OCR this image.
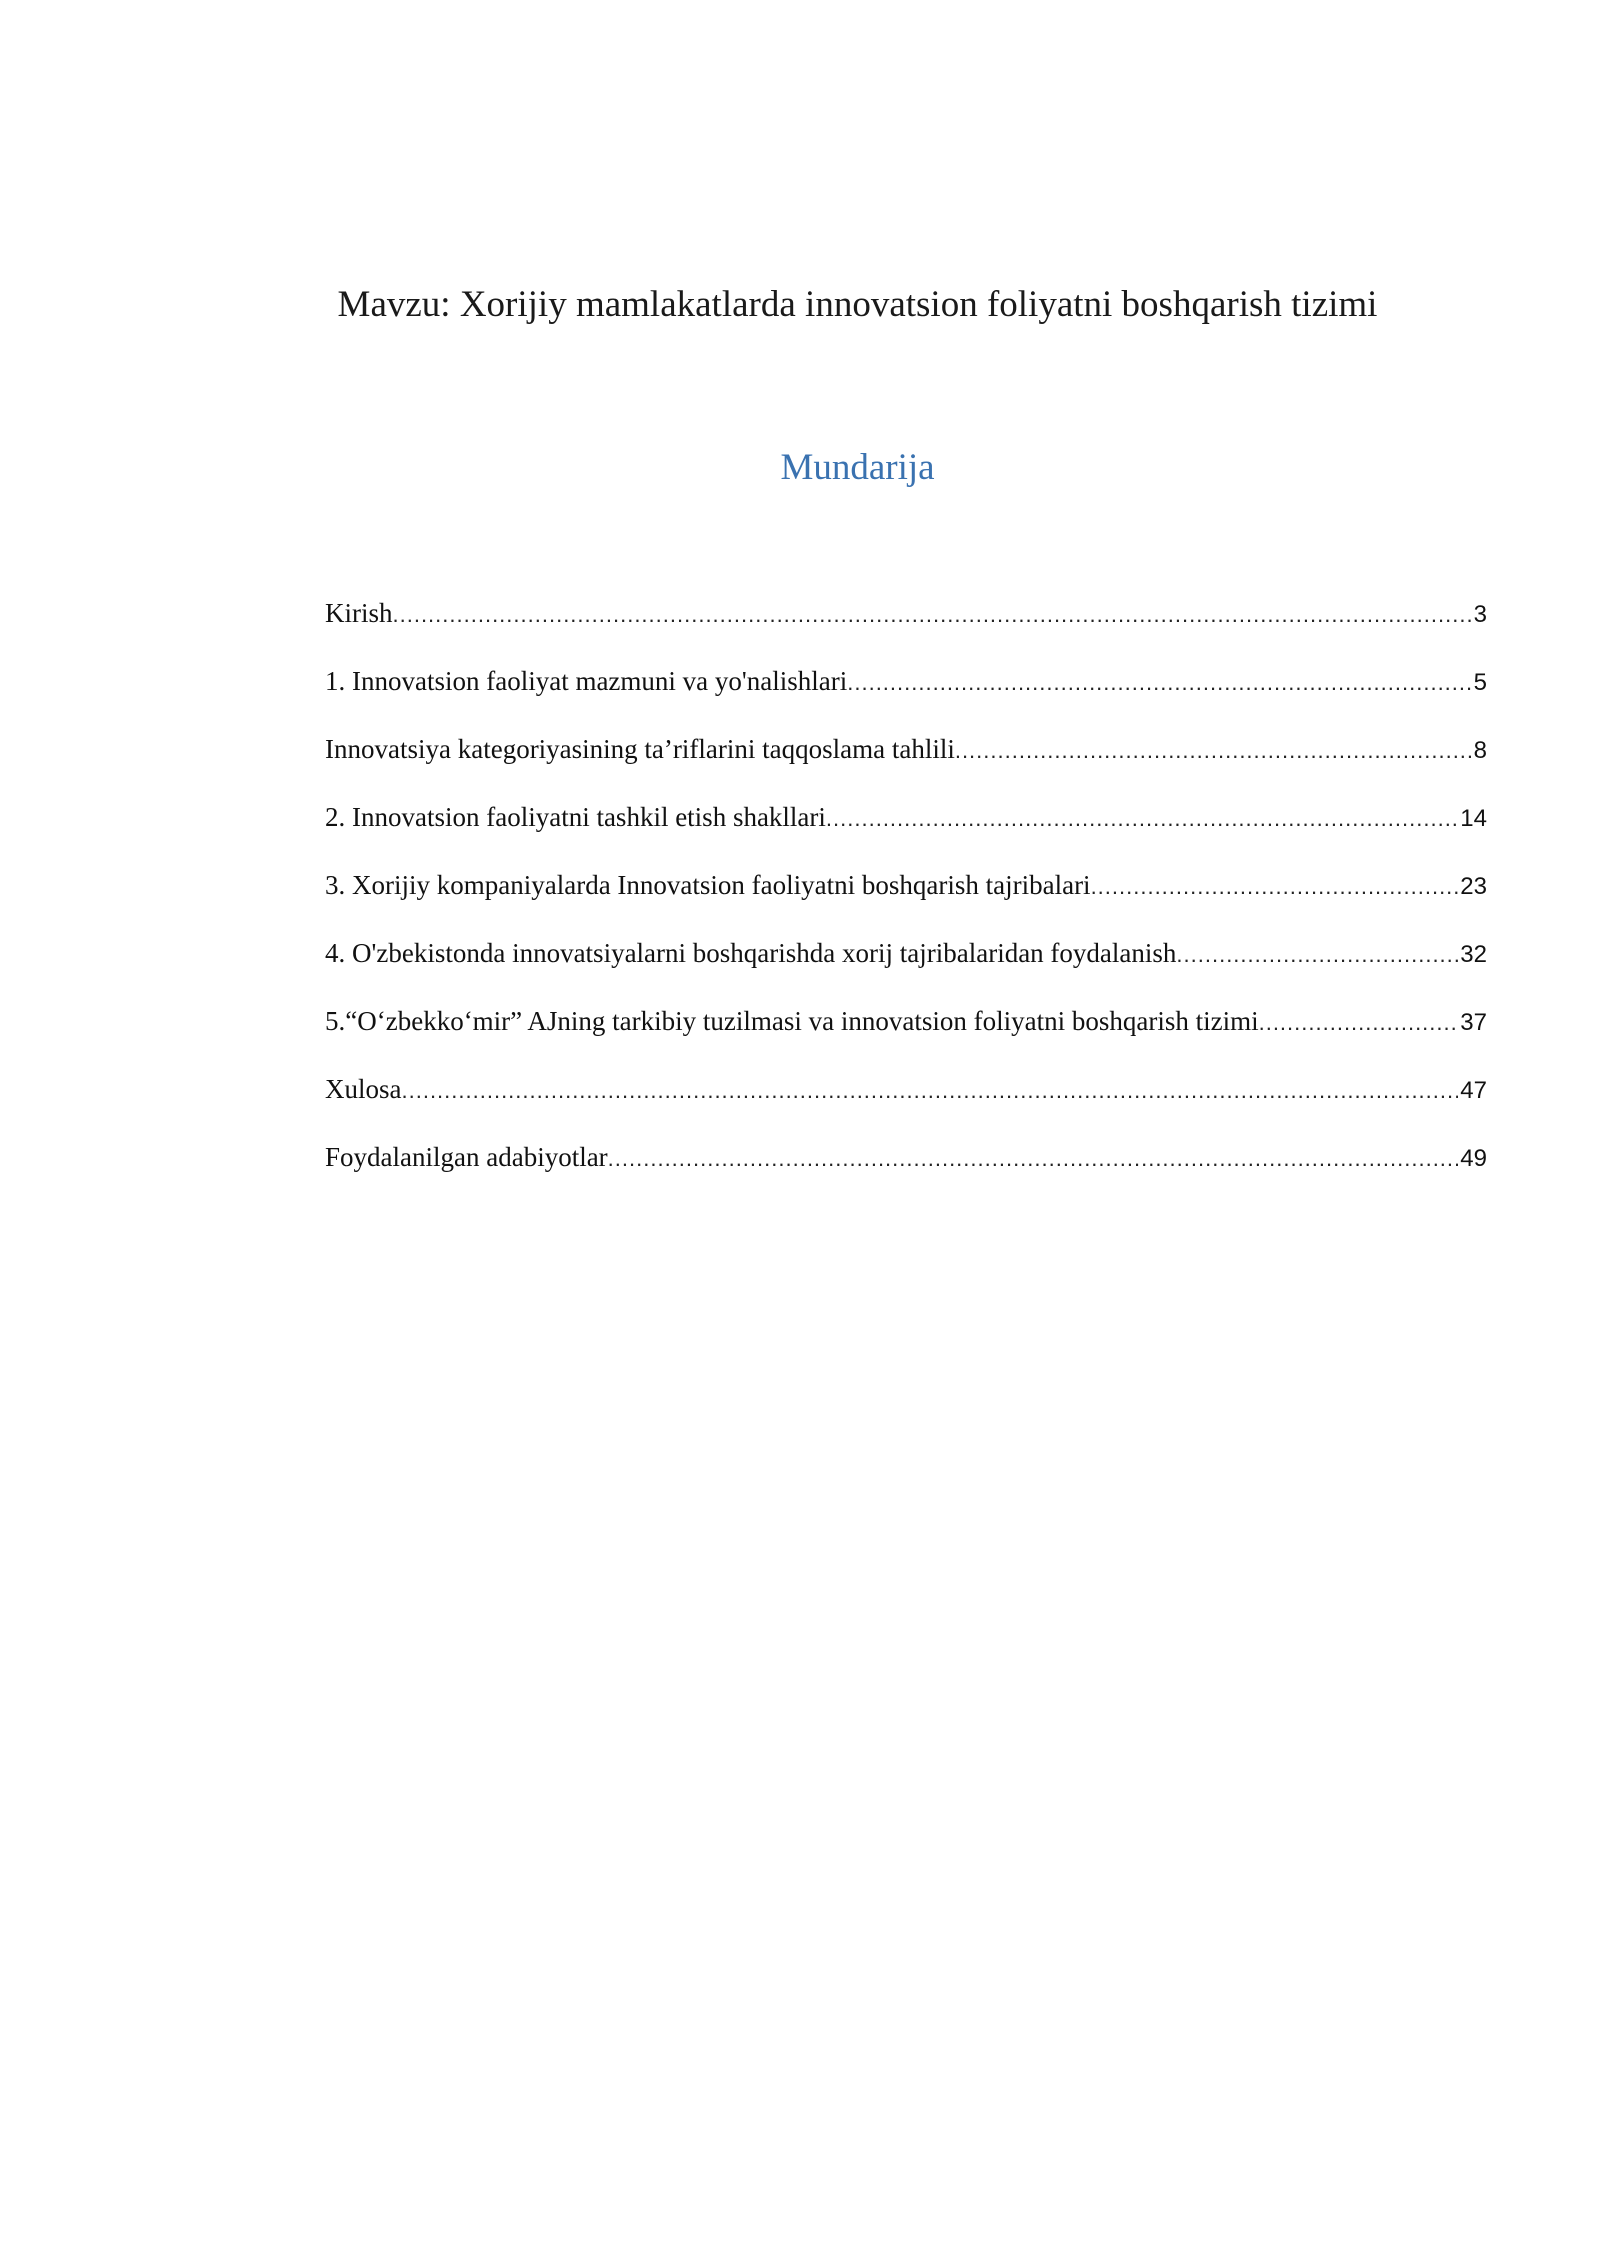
Mavzu: Xorijiy mamlakatlarda innovatsion foliyatni boshqarish tizimi
Mundarija
Kirish .....	3
1. Innovatsion faoliyat mazmuni va yo'nalishlari .....	5
Innovatsiya kategoriyasining ta’riflarini taqqoslama tahlili .....	8
2. Innovatsion faoliyatni tashkil etish shakllari .....	14
3. Xorijiy kompaniyalarda Innovatsion faoliyatni boshqarish tajribalari .....	23
4. O'zbekistonda innovatsiyalarni boshqarishda xorij tajribalaridan foydalanish .....	32
5.“O‘zbekko‘mir” AJning tarkibiy tuzilmasi va innovatsion foliyatni boshqarish tizimi .....	37
Xulosa .....	47
Foydalanilgan adabiyotlar .....	49
